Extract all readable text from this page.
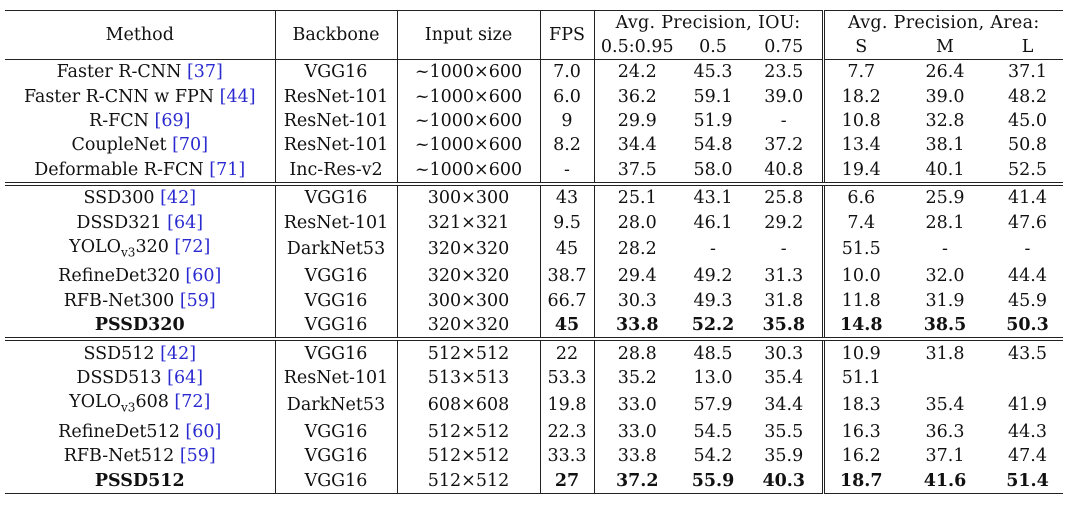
Method	Backbone	Input size	FPS	Avg. Precision, IOU:			Avg. Precision, Area:		
				0.5:0.95	0.5	0.75	S	M	L
Faster R-CNN [37]	VGG16	~1000×600	7.0	24.2	45.3	23.5	7.7	26.4	37.1
Faster R-CNN w FPN [44]	ResNet-101	~1000×600	6.0	36.2	59.1	39.0	18.2	39.0	48.2
R-FCN [69]	ResNet-101	~1000×600	9	29.9	51.9	-	10.8	32.8	45.0
CoupleNet [70]	ResNet-101	~1000×600	8.2	34.4	54.8	37.2	13.4	38.1	50.8
Deformable R-FCN [71]	Inc-Res-v2	~1000×600	-	37.5	58.0	40.8	19.4	40.1	52.5
SSD300 [42]	VGG16	300×300	43	25.1	43.1	25.8	6.6	25.9	41.4
DSSD321 [64]	ResNet-101	321×321	9.5	28.0	46.1	29.2	7.4	28.1	47.6
$YOLO_{v3}320$ [72]	DarkNet53	320×320	45	28.2	-	-	51.5	-	-
RefineDet320 [60]	VGG16	320×320	38.7	29.4	49.2	31.3	10.0	32.0	44.4
RFB-Net300 [59]	VGG16	300×300	66.7	30.3	49.3	31.8	11.8	31.9	45.9
PSSD320	VGG16	320×320	45	33.8	52.2	35.8	14.8	38.5	50.3
SSD512 [42]	VGG16	512×512	22	28.8	48.5	30.3	10.9	31.8	43.5
DSSD513 [64]	ResNet-101	513×513	53.3	35.2	13.0	35.4	51.1		
$YOLO_{v3}608$ [72]	DarkNet53	608×608	19.8	33.0	57.9	34.4	18.3	35.4	41.9
RefineDet512 [60]	VGG16	512×512	22.3	33.0	54.5	35.5	16.3	36.3	44.3
RFB-Net512 [59]	VGG16	512×512	33.3	33.8	54.2	35.9	16.2	37.1	47.4
PSSD512	VGG16	512×512	27	37.2	55.9	40.3	18.7	41.6	51.4
